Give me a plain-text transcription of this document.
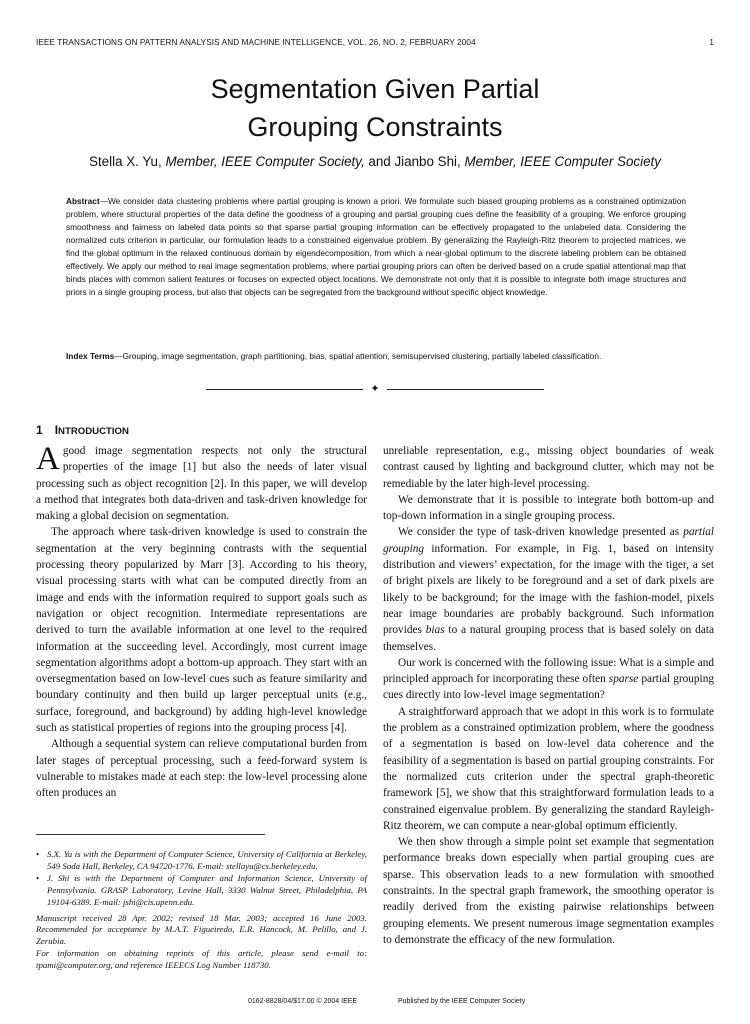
IEEE TRANSACTIONS ON PATTERN ANALYSIS AND MACHINE INTELLIGENCE, VOL. 26, NO. 2, FEBRUARY 2004	1
Segmentation Given Partial
Grouping Constraints
Stella X. Yu, Member, IEEE Computer Society, and Jianbo Shi, Member, IEEE Computer Society
Abstract—We consider data clustering problems where partial grouping is known a priori. We formulate such biased grouping problems as a constrained optimization problem, where structural properties of the data define the goodness of a grouping and partial grouping cues define the feasibility of a grouping. We enforce grouping smoothness and fairness on labeled data points so that sparse partial grouping information can be effectively propagated to the unlabeled data. Considering the normalized cuts criterion in particular, our formulation leads to a constrained eigenvalue problem. By generalizing the Rayleigh-Ritz theorem to projected matrices, we find the global optimum in the relaxed continuous domain by eigendecomposition, from which a near-global optimum to the discrete labeling problem can be obtained effectively. We apply our method to real image segmentation problems, where partial grouping priors can often be derived based on a crude spatial attentional map that binds places with common salient features or focuses on expected object locations. We demonstrate not only that it is possible to integrate both image structures and priors in a single grouping process, but also that objects can be segregated from the background without specific object knowledge.
Index Terms—Grouping, image segmentation, graph partitioning, bias, spatial attention, semisupervised clustering, partially labeled classification.
✦
1 INTRODUCTION

Agood image segmentation respects not only the structural properties of the image [1] but also the needs of later visual processing such as object recognition [2]. In this paper, we will develop a method that integrates both data-driven and task-driven knowledge for making a global decision on segmentation.

The approach where task-driven knowledge is used to constrain the segmentation at the very beginning contrasts with the sequential processing theory popularized by Marr [3]. According to his theory, visual processing starts with what can be computed directly from an image and ends with the information required to support goals such as navigation or object recognition. Intermediate representations are derived to turn the available information at one level to the required information at the succeeding level. Accordingly, most current image segmentation algorithms adopt a bottom-up approach. They start with an oversegmentation based on low-level cues such as feature similarity and boundary continuity and then build up larger perceptual units (e.g., surface, foreground, and background) by adding high-level knowledge such as statistical properties of regions into the grouping process [4].

Although a sequential system can relieve computational burden from later stages of perceptual processing, such a feed-forward system is vulnerable to mistakes made at each step: the low-level processing alone often produces an

• S.X. Yu is with the Department of Computer Science, University of California at Berkeley, 549 Soda Hall, Berkeley, CA 94720-1776. E-mail: stellayu@cs.berkeley.edu.
• J. Shi is with the Department of Computer and Information Science, University of Pennsylvania. GRASP Laboratory, Levine Hall, 3330 Walnut Street, Philadelphia, PA 19104-6389. E-mail: jshi@cis.upenn.edu.

Manuscript received 28 Apr. 2002; revised 18 Mar. 2003; accepted 16 June 2003. Recommended for acceptance by M.A.T. Figueiredo, E.R. Hancock, M. Pelillo, and J. Zerubia.

For information on obtaining reprints of this article, please send e-mail to: tpami@computer.org, and reference IEEECS Log Number 118730.

unreliable representation, e.g., missing object boundaries of weak contrast caused by lighting and background clutter, which may not be remediable by the later high-level processing.

We demonstrate that it is possible to integrate both bottom-up and top-down information in a single grouping process.

We consider the type of task-driven knowledge presented as partial grouping information. For example, in Fig. 1, based on intensity distribution and viewers’ expectation, for the image with the tiger, a set of bright pixels are likely to be foreground and a set of dark pixels are likely to be background; for the image with the fashion-model, pixels near image boundaries are probably background. Such information provides bias to a natural grouping process that is based solely on data themselves.

Our work is concerned with the following issue: What is a simple and principled approach for incorporating these often sparse partial grouping cues directly into low-level image segmentation?

A straightforward approach that we adopt in this work is to formulate the problem as a constrained optimization problem, where the goodness of a segmentation is based on low-level data coherence and the feasibility of a segmentation is based on partial grouping constraints. For the normalized cuts criterion under the spectral graph-theoretic framework [5], we show that this straightforward formulation leads to a constrained eigenvalue problem. By generalizing the standard Rayleigh-Ritz theorem, we can compute a near-global optimum efficiently.

We then show through a simple point set example that segmentation performance breaks down especially when partial grouping cues are sparse. This observation leads to a new formulation with smoothed constraints. In the spectral graph framework, the smoothing operator is readily derived from the existing pairwise relationships between grouping elements. We present numerous image segmentation examples to demonstrate the efficacy of the new formulation.

0162-8828/04/$17.00 © 2004 IEEE	Published by the IEEE Computer Society
